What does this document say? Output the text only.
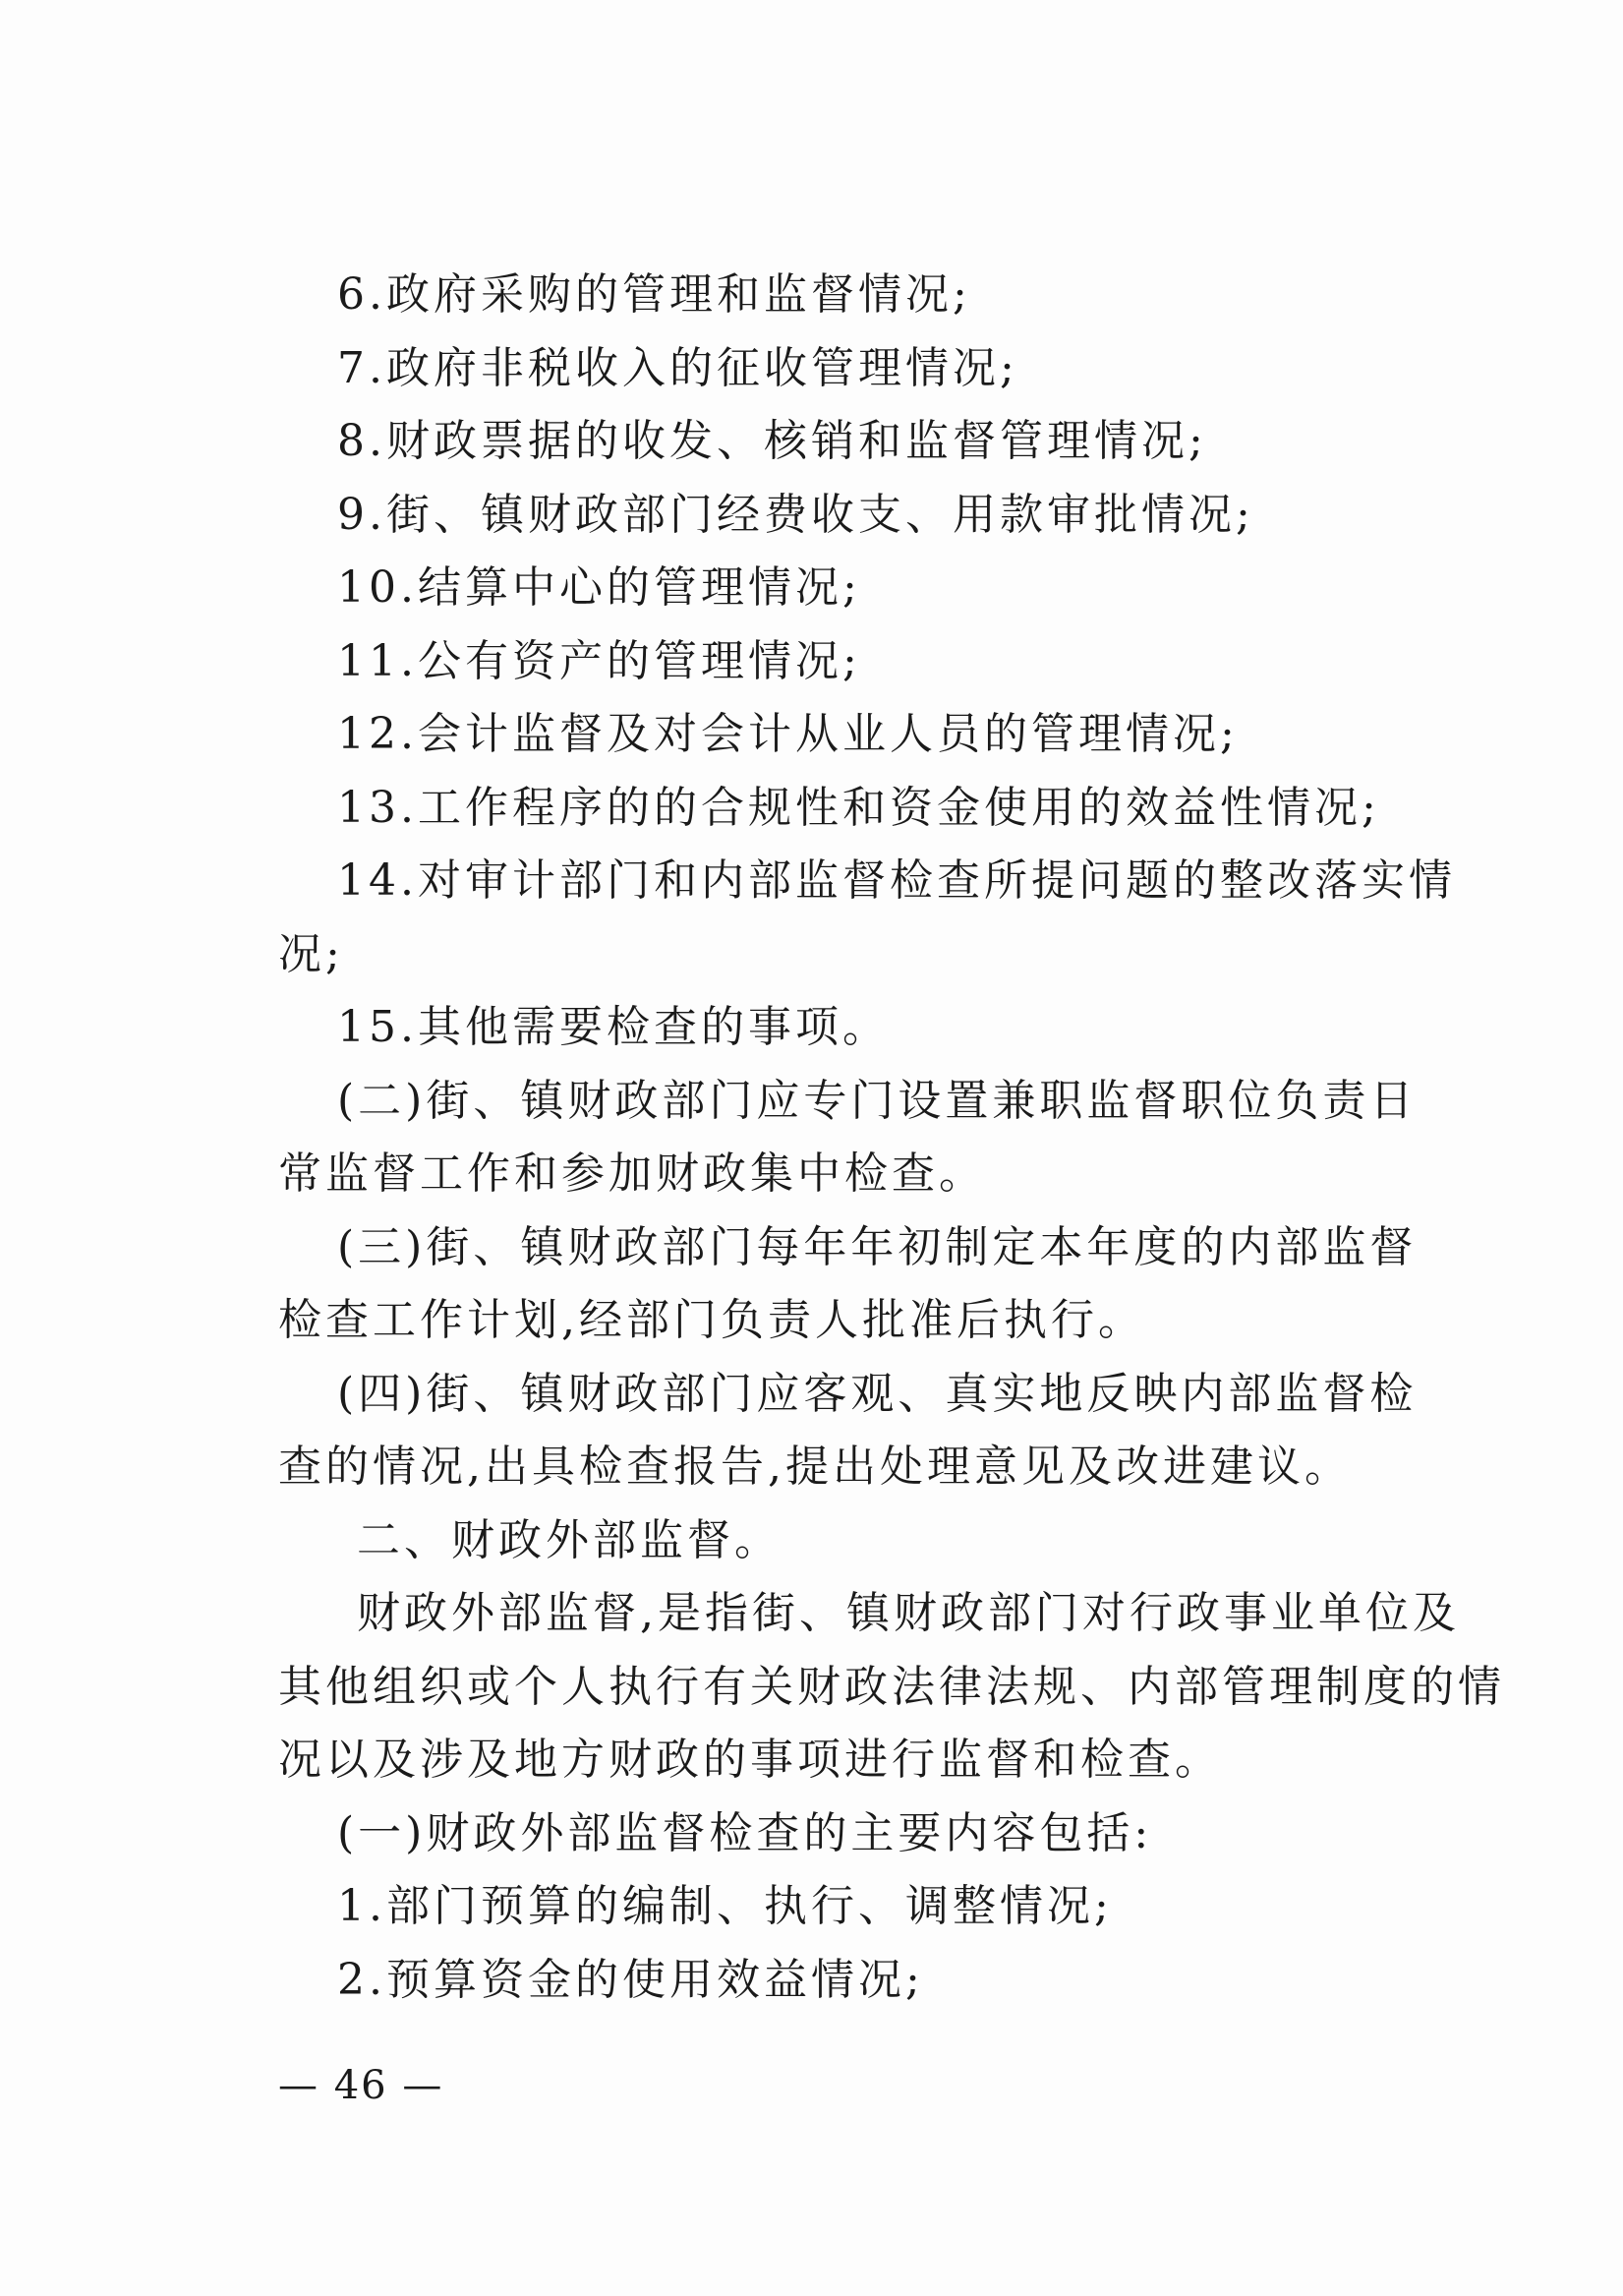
6.政府采购的管理和监督情况;
7.政府非税收入的征收管理情况;
8.财政票据的收发、核销和监督管理情况;
9.街、镇财政部门经费收支、用款审批情况;
10.结算中心的管理情况;
11.公有资产的管理情况;
12.会计监督及对会计从业人员的管理情况;
13.工作程序的的合规性和资金使用的效益性情况;
14.对审计部门和内部监督检查所提问题的整改落实情
况;
15.其他需要检查的事项。
(二)街、镇财政部门应专门设置兼职监督职位负责日
常监督工作和参加财政集中检查。
(三)街、镇财政部门每年年初制定本年度的内部监督
检查工作计划,经部门负责人批准后执行。
(四)街、镇财政部门应客观、真实地反映内部监督检
查的情况,出具检查报告,提出处理意见及改进建议。
二、财政外部监督。
财政外部监督,是指街、镇财政部门对行政事业单位及
其他组织或个人执行有关财政法律法规、内部管理制度的情
况以及涉及地方财政的事项进行监督和检查。
(一)财政外部监督检查的主要内容包括:
1.部门预算的编制、执行、调整情况;
2.预算资金的使用效益情况;
— 46 —
